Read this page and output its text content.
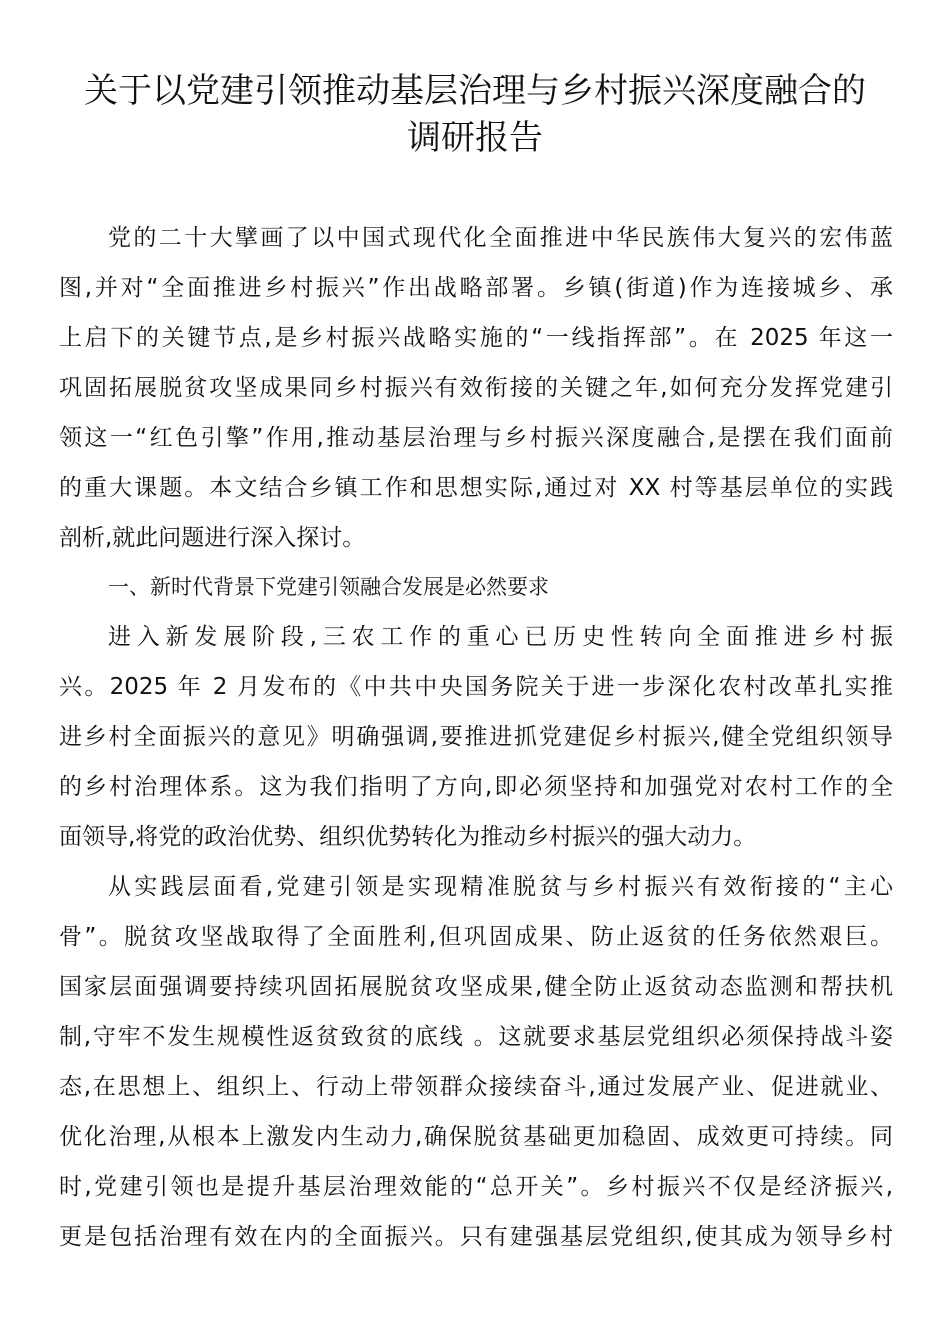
关于以党建引领推动基层治理与乡村振兴深度融合的
调研报告
党的二十大擘画了以中国式现代化全面推进中华民族伟大复兴的宏伟蓝
图,并对“全面推进乡村振兴”作出战略部署。乡镇(街道)作为连接城乡、承
上启下的关键节点,是乡村振兴战略实施的“一线指挥部”。在 2025 年这一
巩固拓展脱贫攻坚成果同乡村振兴有效衔接的关键之年,如何充分发挥党建引
领这一“红色引擎”作用,推动基层治理与乡村振兴深度融合,是摆在我们面前
的重大课题。本文结合乡镇工作和思想实际,通过对 XX 村等基层单位的实践
剖析,就此问题进行深入探讨。
一、新时代背景下党建引领融合发展是必然要求
进入新发展阶段,三农工作的重心已历史性转向全面推进乡村振
兴。2025 年 2 月发布的《中共中央国务院关于进一步深化农村改革扎实推
进乡村全面振兴的意见》明确强调,要推进抓党建促乡村振兴,健全党组织领导
的乡村治理体系。这为我们指明了方向,即必须坚持和加强党对农村工作的全
面领导,将党的政治优势、组织优势转化为推动乡村振兴的强大动力。
从实践层面看,党建引领是实现精准脱贫与乡村振兴有效衔接的“主心
骨”。脱贫攻坚战取得了全面胜利,但巩固成果、防止返贫的任务依然艰巨。
国家层面强调要持续巩固拓展脱贫攻坚成果,健全防止返贫动态监测和帮扶机
制,守牢不发生规模性返贫致贫的底线 。这就要求基层党组织必须保持战斗姿
态,在思想上、组织上、行动上带领群众接续奋斗,通过发展产业、促进就业、
优化治理,从根本上激发内生动力,确保脱贫基础更加稳固、成效更可持续。同
时,党建引领也是提升基层治理效能的“总开关”。乡村振兴不仅是经济振兴,
更是包括治理有效在内的全面振兴。只有建强基层党组织,使其成为领导乡村
